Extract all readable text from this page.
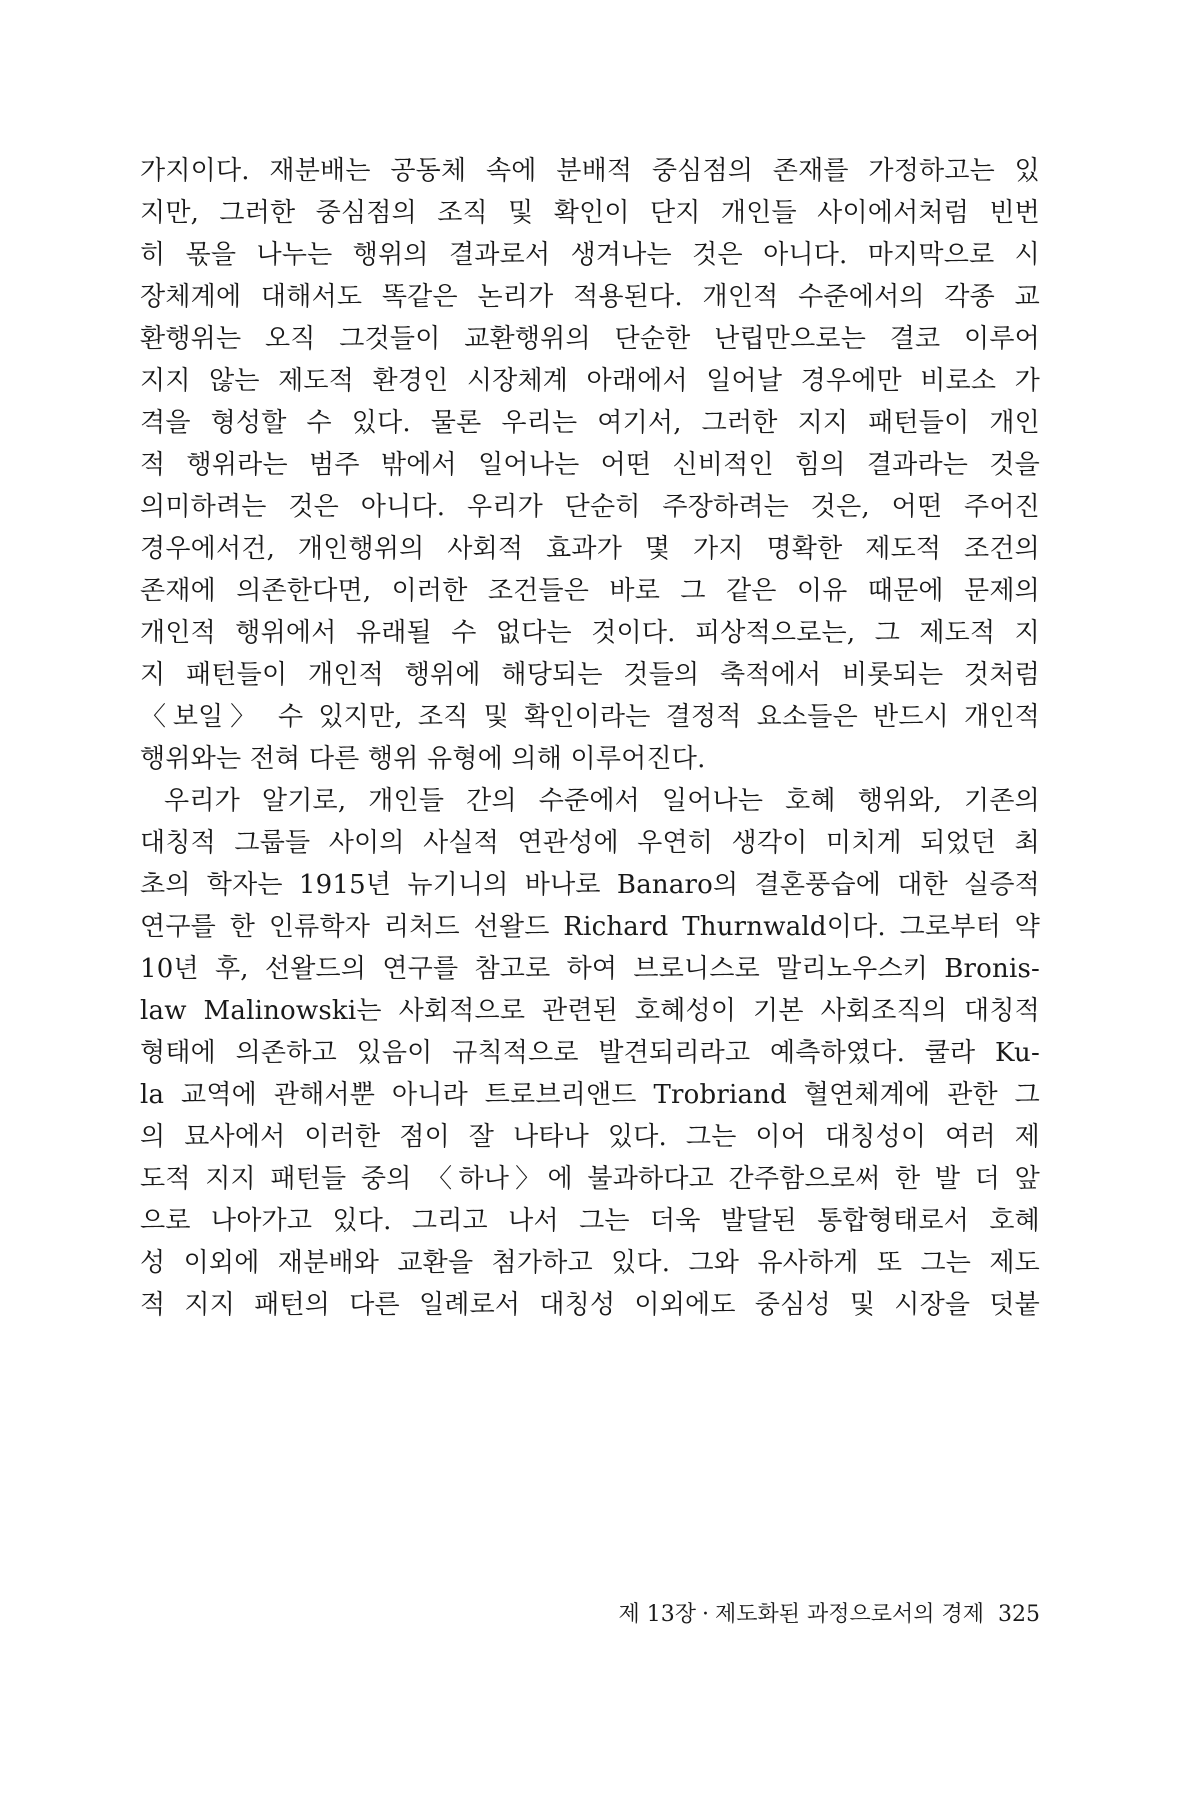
가지이다. 재분배는 공동체 속에 분배적 중심점의 존재를 가정하고는 있
지만, 그러한 중심점의 조직 및 확인이 단지 개인들 사이에서처럼 빈번
히 몫을 나누는 행위의 결과로서 생겨나는 것은 아니다. 마지막으로 시
장체계에 대해서도 똑같은 논리가 적용된다. 개인적 수준에서의 각종 교
환행위는 오직 그것들이 교환행위의 단순한 난립만으로는 결코 이루어
지지 않는 제도적 환경인 시장체계 아래에서 일어날 경우에만 비로소 가
격을 형성할 수 있다. 물론 우리는 여기서, 그러한 지지 패턴들이 개인
적 행위라는 범주 밖에서 일어나는 어떤 신비적인 힘의 결과라는 것을
의미하려는 것은 아니다. 우리가 단순히 주장하려는 것은, 어떤 주어진
경우에서건, 개인행위의 사회적 효과가 몇 가지 명확한 제도적 조건의
존재에 의존한다면, 이러한 조건들은 바로 그 같은 이유 때문에 문제의
개인적 행위에서 유래될 수 없다는 것이다. 피상적으로는, 그 제도적 지
지 패턴들이 개인적 행위에 해당되는 것들의 축적에서 비롯되는 것처럼
〈보일〉 수 있지만, 조직 및 확인이라는 결정적 요소들은 반드시 개인적
행위와는 전혀 다른 행위 유형에 의해 이루어진다.
우리가 알기로, 개인들 간의 수준에서 일어나는 호혜 행위와, 기존의
대칭적 그룹들 사이의 사실적 연관성에 우연히 생각이 미치게 되었던 최
초의 학자는 1915년 뉴기니의 바나로 Banaro의 결혼풍습에 대한 실증적
연구를 한 인류학자 리처드 선왈드 Richard Thurnwald이다. 그로부터 약
10년 후, 선왈드의 연구를 참고로 하여 브로니스로 말리노우스키 Bronis-
law Malinowski는 사회적으로 관련된 호혜성이 기본 사회조직의 대칭적
형태에 의존하고 있음이 규칙적으로 발견되리라고 예측하였다. 쿨라 Ku-
la 교역에 관해서뿐 아니라 트로브리앤드 Trobriand 혈연체계에 관한 그
의 묘사에서 이러한 점이 잘 나타나 있다. 그는 이어 대칭성이 여러 제
도적 지지 패턴들 중의 〈하나〉에 불과하다고 간주함으로써 한 발 더 앞
으로 나아가고 있다. 그리고 나서 그는 더욱 발달된 통합형태로서 호혜
성 이외에 재분배와 교환을 첨가하고 있다. 그와 유사하게 또 그는 제도
적 지지 패턴의 다른 일례로서 대칭성 이외에도 중심성 및 시장을 덧붙
제 13장 · 제도화된 과정으로서의 경제 325
